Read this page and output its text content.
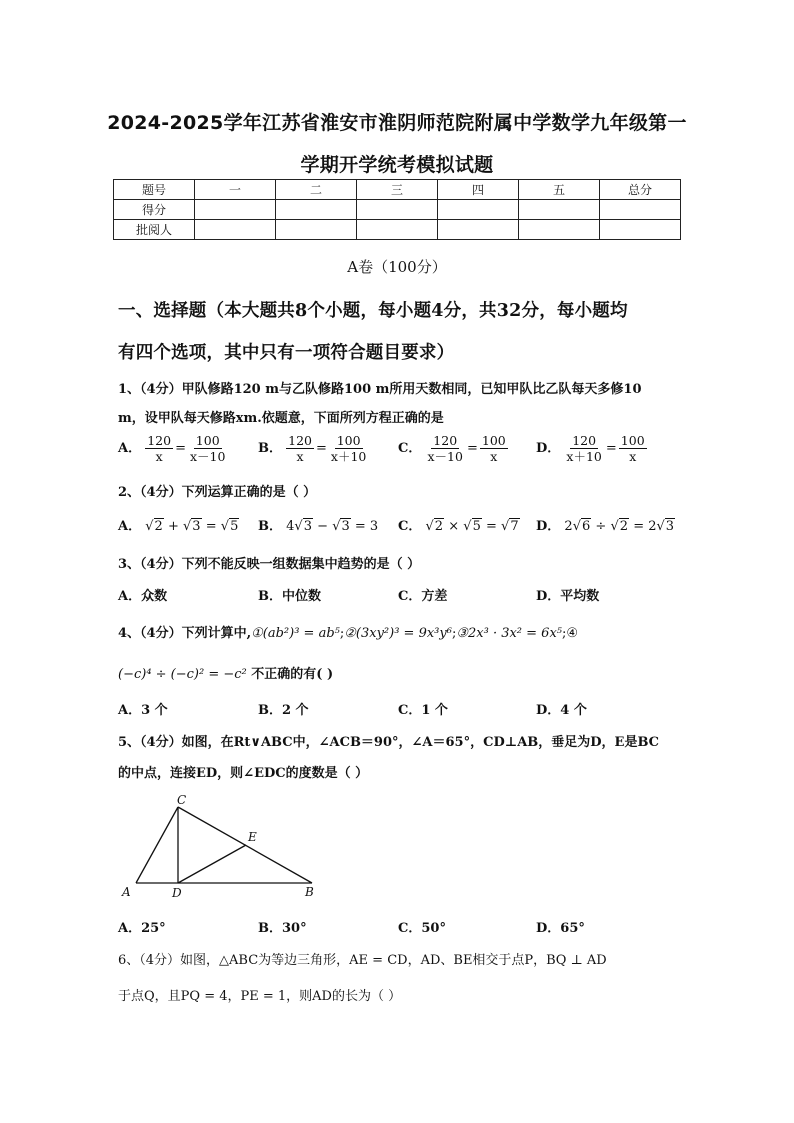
2024-2025学年江苏省淮安市淮阴师范院附属中学数学九年级第一
学期开学统考模拟试题
题号	一	二	三	四	五	总分
得分						
批阅人						
A卷（100分）
一、选择题（本大题共8个小题，每小题4分，共32分，每小题均
有四个选项，其中只有一项符合题目要求）
1、（4分）甲队修路120 m与乙队修路100 m所用天数相同，已知甲队比乙队每天多修10
m，设甲队每天修路xm.依题意，下面所列方程正确的是
A． $\frac{120}{x} = \frac{100}{x-10}$ B． $\frac{120}{x} = \frac{100}{x+10}$ C． $\frac{120}{x-10} = \frac{100}{x}$ D． $\frac{120}{x+10} = \frac{100}{x}$
2、（4分）下列运算正确的是（ ）
A． √2 + √3 = √5 B． 4√3 − √3 = 3 C． √2 × √5 = √7 D． 2√6 ÷ √2 = 2√3
3、（4分）下列不能反映一组数据集中趋势的是（ ）
A．众数	B．中位数	C．方差	D．平均数
4、（4分）下列计算中,①(ab²)³ = ab⁵;②(3xy²)³ = 9x³y⁶;③2x³ · 3x² = 6x⁵;④
(−c)⁴ ÷ (−c)² = −c² 不正确的有( )
A．3 个	B．2 个	C．1 个	D．4 个
5、（4分）如图，在Rt∨ABC中，∠ACB＝90°，∠A＝65°，CD⊥AB，垂足为D，E是BC
的中点，连接ED，则∠EDC的度数是（ ）
C
E
A	D	B
A．25°	B．30°	C．50°	D．65°
6、（4分）如图，△ABC为等边三角形，AE = CD，AD、BE相交于点P，BQ ⊥ AD
于点Q，且PQ = 4，PE = 1，则AD的长为（ ）
